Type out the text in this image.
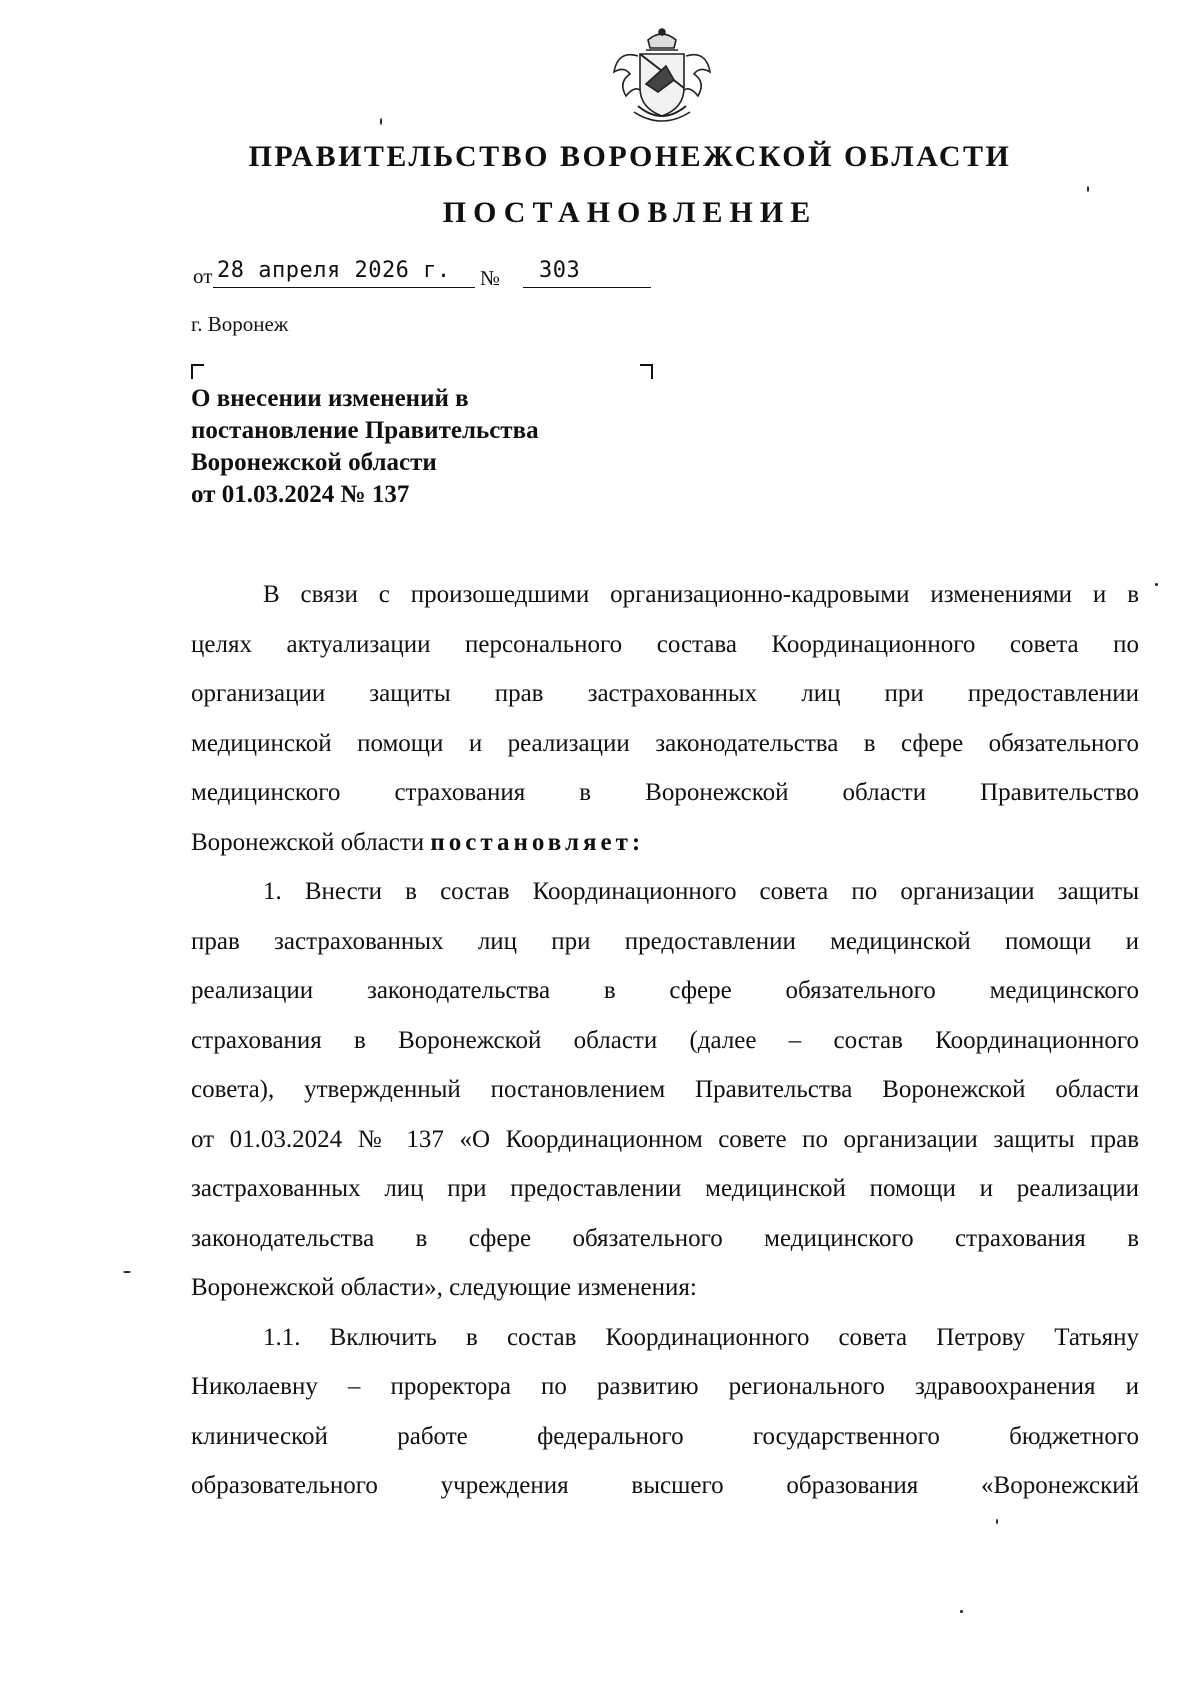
ПРАВИТЕЛЬСТВО ВОРОНЕЖСКОЙ ОБЛАСТИ
ПОСТАНОВЛЕНИЕ
от 28 апреля 2026 г. № 303
г. Воронеж
О внесении изменений в
постановление Правительства
Воронежской области
от 01.03.2024 № 137
В связи с произошедшими организационно-кадровыми изменениями и в
целях актуализации персонального состава Координационного совета по
организации защиты прав застрахованных лиц при предоставлении
медицинской помощи и реализации законодательства в сфере обязательного
медицинского страхования в Воронежской области Правительство
Воронежской области постановляет:
1. Внести в состав Координационного совета по организации защиты
прав застрахованных лиц при предоставлении медицинской помощи и
реализации законодательства в сфере обязательного медицинского
страхования в Воронежской области (далее – состав Координационного
совета), утвержденный постановлением Правительства Воронежской области
от 01.03.2024 № 137 «О Координационном совете по организации защиты прав
застрахованных лиц при предоставлении медицинской помощи и реализации
законодательства в сфере обязательного медицинского страхования в
Воронежской области», следующие изменения:
1.1. Включить в состав Координационного совета Петрову Татьяну
Николаевну – проректора по развитию регионального здравоохранения и
клинической работе федерального государственного бюджетного
образовательного учреждения высшего образования «Воронежский
